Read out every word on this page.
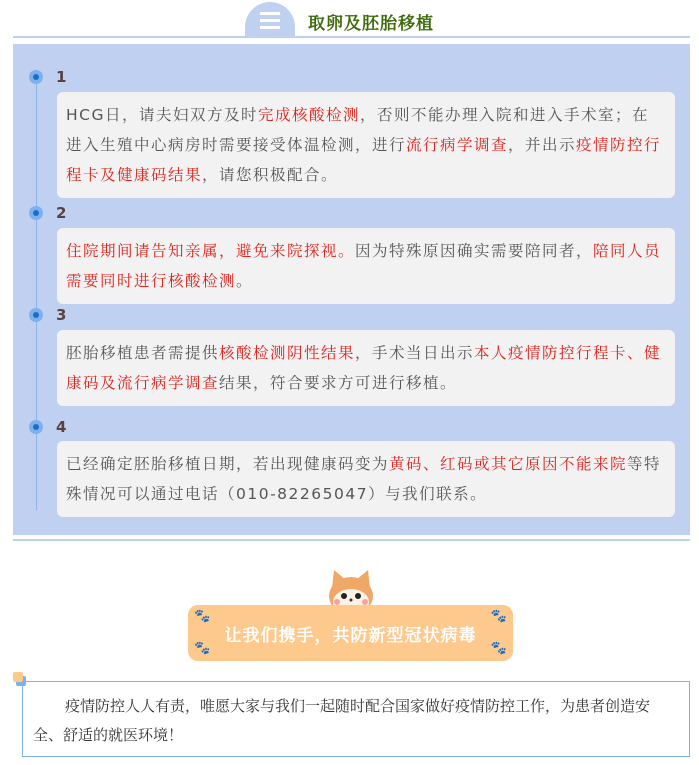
取卵及胚胎移植
1
HCG日，请夫妇双方及时完成核酸检测，否则不能办理入院和进入手术室；在进入生殖中心病房时需要接受体温检测，进行流行病学调查，并出示疫情防控行程卡及健康码结果，请您积极配合。
2
住院期间请告知亲属，避免来院探视。因为特殊原因确实需要陪同者，陪同人员需要同时进行核酸检测。
3
胚胎移植患者需提供核酸检测阴性结果，手术当日出示本人疫情防控行程卡、健康码及流行病学调查结果，符合要求方可进行移植。
4
已经确定胚胎移植日期，若出现健康码变为黄码、红码或其它原因不能来院等特殊情况可以通过电话（010-82265047）与我们联系。
🐾
🐾
🐾
🐾
让我们携手，共防新型冠状病毒
疫情防控人人有责，唯愿大家与我们一起随时配合国家做好疫情防控工作，为患者创造安全、舒适的就医环境！
